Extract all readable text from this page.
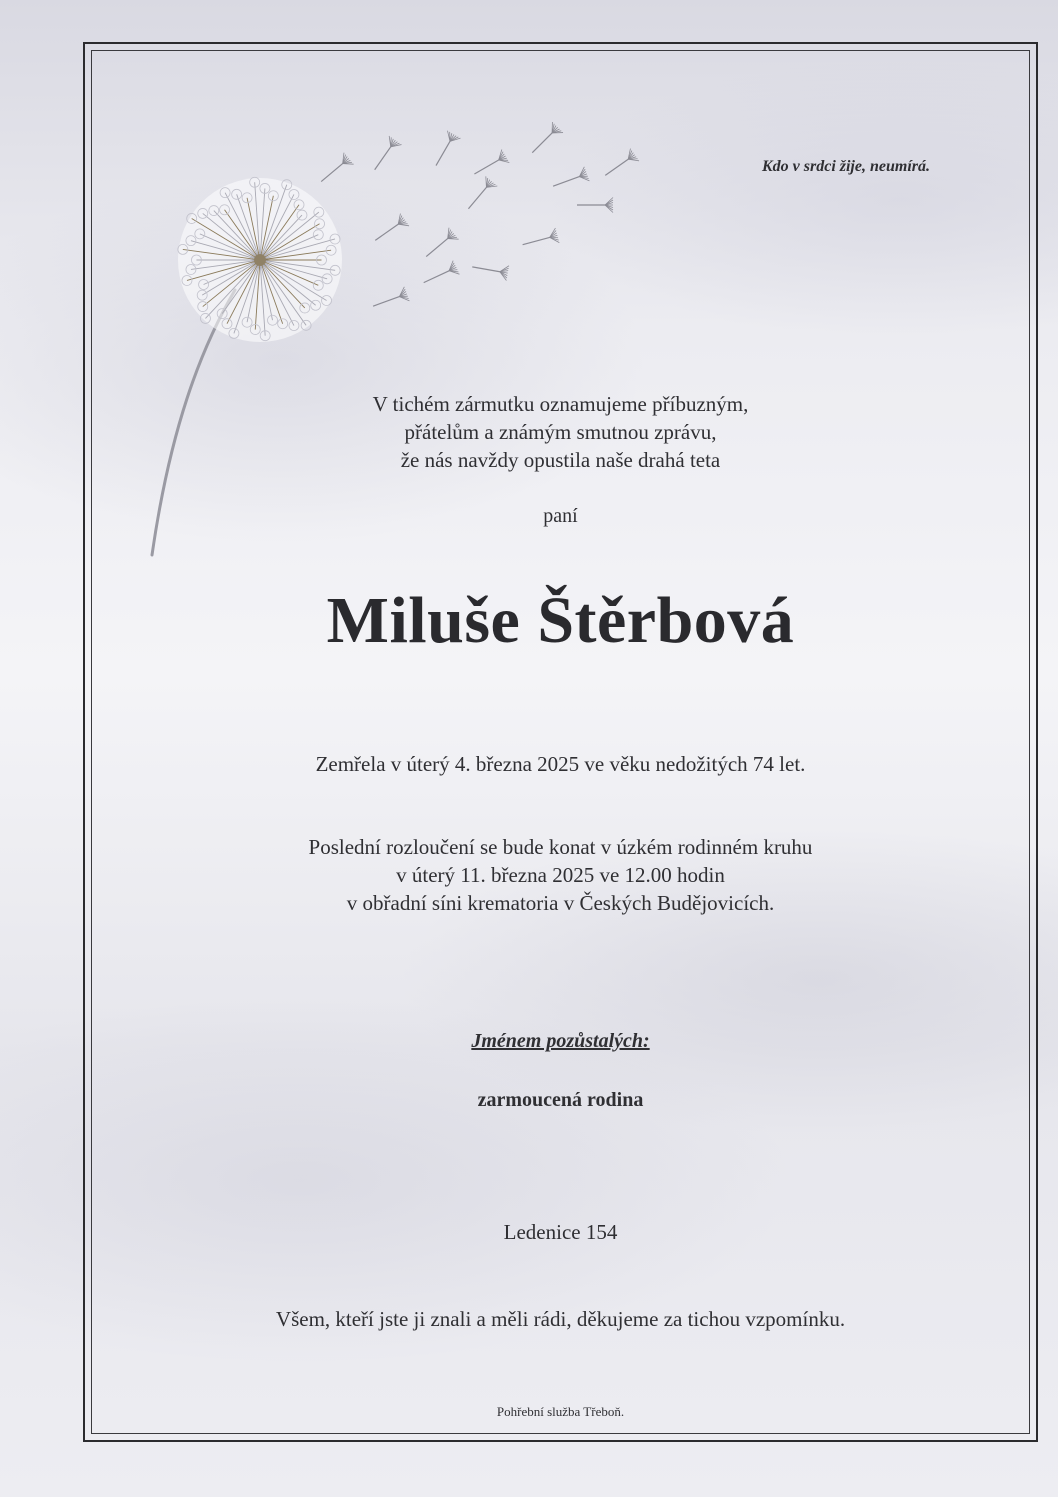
Kdo v srdci žije, neumírá.
V tichém zármutku oznamujeme příbuzným,
přátelům a známým smutnou zprávu,
že nás navždy opustila naše drahá teta
paní
Miluše Štěrbová
Zemřela v úterý 4. března 2025 ve věku nedožitých 74 let.
Poslední rozloučení se bude konat v úzkém rodinném kruhu
v úterý 11. března 2025 ve 12.00 hodin
v obřadní síni krematoria v Českých Budějovicích.
Jménem pozůstalých:
zarmoucená rodina
Ledenice 154
Všem, kteří jste ji znali a měli rádi, děkujeme za tichou vzpomínku.
Pohřební služba Třeboň.
